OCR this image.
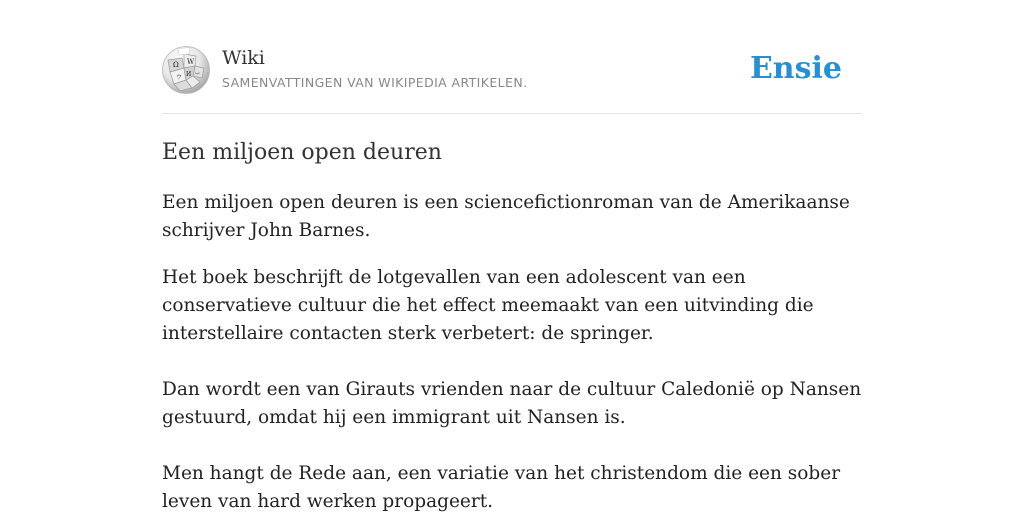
Ω W
И
ウ
ب
Wiki
SAMENVATTINGEN VAN WIKIPEDIA ARTIKELEN.	Ensie
Een miljoen open deuren

Een miljoen open deuren is een sciencefictionroman van de Amerikaanse schrijver John Barnes.

Het boek beschrijft de lotgevallen van een adolescent van een conservatieve cultuur die het effect meemaakt van een uitvinding die interstellaire contacten sterk verbetert: de springer.

Dan wordt een van Girauts vrienden naar de cultuur Caledonië op Nansen gestuurd, omdat hij een immigrant uit Nansen is.

Men hangt de Rede aan, een variatie van het christendom die een sober leven van hard werken propageert.
